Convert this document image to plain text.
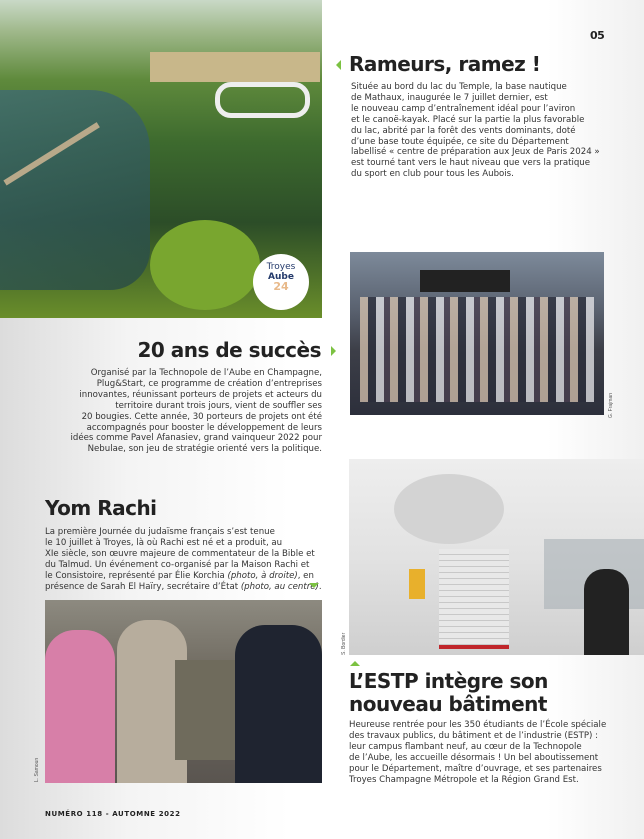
Troyes
Aube
24
05
Rameurs, ramez !
Située au bord du lac du Temple, la base nautique
de Mathaux, inaugurée le 7 juillet dernier, est
le nouveau camp d’entraînement idéal pour l’aviron
et le canoë-kayak. Placé sur la partie la plus favorable
du lac, abrité par la forêt des vents dominants, doté
d’une base toute équipée, ce site du Département
labellisé « centre de préparation aux Jeux de Paris 2024 »
est tourné tant vers le haut niveau que vers la pratique
du sport en club pour tous les Aubois.
G. Frajman
20 ans de succès
Organisé par la Technopole de l’Aube en Champagne,
Plug&Start, ce programme de création d’entreprises
innovantes, réunissant porteurs de projets et acteurs du
territoire durant trois jours, vient de souffler ses
20 bougies. Cette année, 30 porteurs de projets ont été
accompagnés pour booster le développement de leurs
idées comme Pavel Afanasiev, grand vainqueur 2022 pour
Nebulae, son jeu de stratégie orienté vers la politique.
Yom Rachi
La première Journée du judaïsme français s’est tenue
le 10 juillet à Troyes, là où Rachi est né et a produit, au
XIe siècle, son œuvre majeure de commentateur de la Bible et
du Talmud. Un événement co-organisé par la Maison Rachi et
le Consistoire, représenté par Élie Korchia (photo, à droite), en
présence de Sarah El Haïry, secrétaire d’État (photo, au centre).
L. Samoun
S. Bordier
L’ESTP intègre son nouveau bâtiment
Heureuse rentrée pour les 350 étudiants de l’École spéciale
des travaux publics, du bâtiment et de l’industrie (ESTP) :
leur campus flambant neuf, au cœur de la Technopole
de l’Aube, les accueille désormais ! Un bel aboutissement
pour le Département, maître d’ouvrage, et ses partenaires
Troyes Champagne Métropole et la Région Grand Est.
NUMÉRO 118 - AUTOMNE 2022
